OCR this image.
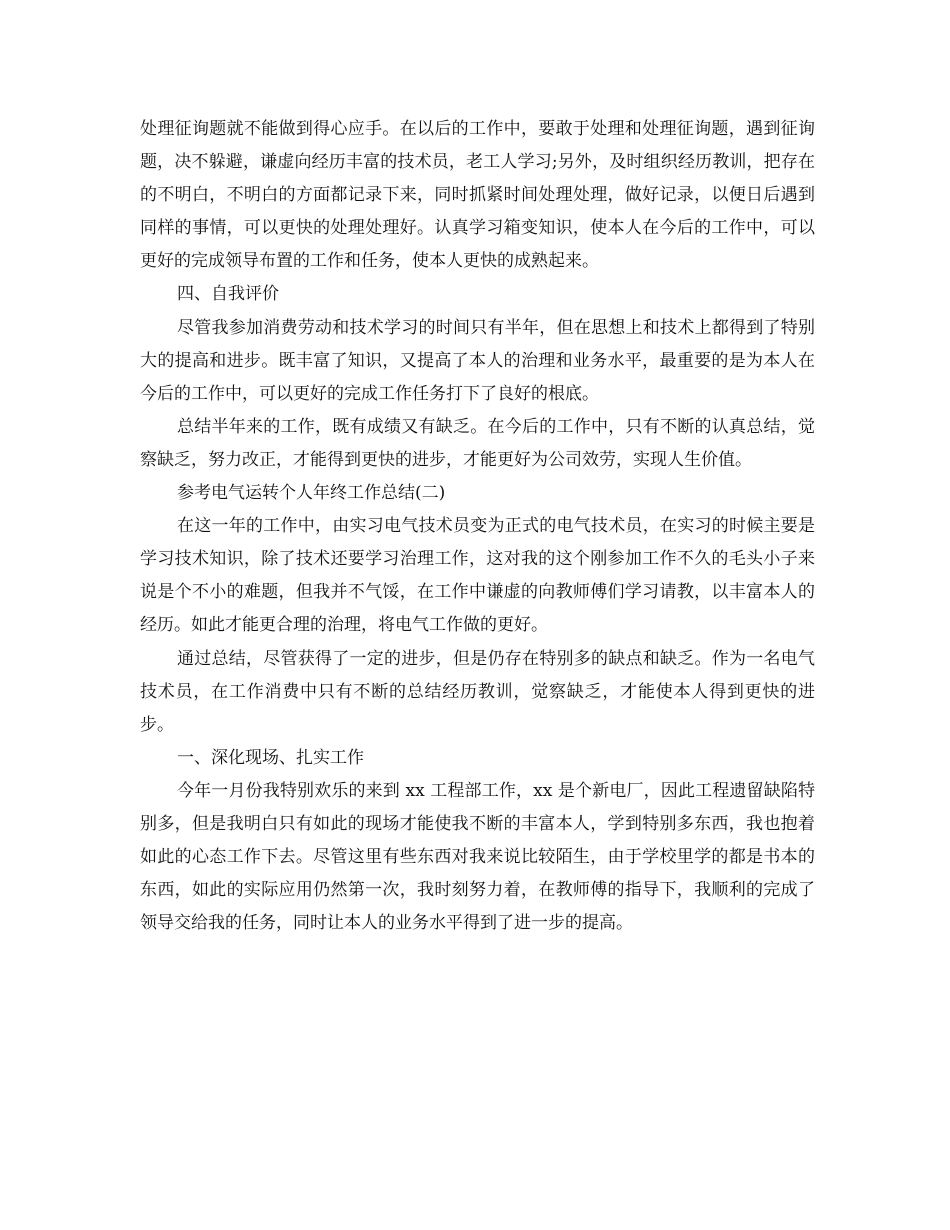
处理征询题就不能做到得心应手。在以后的工作中，要敢于处理和处理征询题，遇到征询题，决不躲避，谦虚向经历丰富的技术员，老工人学习;另外，及时组织经历教训，把存在的不明白，不明白的方面都记录下来，同时抓紧时间处理处理，做好记录，以便日后遇到同样的事情，可以更快的处理处理好。认真学习箱变知识，使本人在今后的工作中，可以更好的完成领导布置的工作和任务，使本人更快的成熟起来。

四、自我评价

尽管我参加消费劳动和技术学习的时间只有半年，但在思想上和技术上都得到了特别大的提高和进步。既丰富了知识，又提高了本人的治理和业务水平，最重要的是为本人在今后的工作中，可以更好的完成工作任务打下了良好的根底。

总结半年来的工作，既有成绩又有缺乏。在今后的工作中，只有不断的认真总结，觉察缺乏，努力改正，才能得到更快的进步，才能更好为公司效劳，实现人生价值。

参考电气运转个人年终工作总结(二)

在这一年的工作中，由实习电气技术员变为正式的电气技术员，在实习的时候主要是学习技术知识，除了技术还要学习治理工作，这对我的这个刚参加工作不久的毛头小子来说是个不小的难题，但我并不气馁，在工作中谦虚的向教师傅们学习请教，以丰富本人的经历。如此才能更合理的治理，将电气工作做的更好。

通过总结，尽管获得了一定的进步，但是仍存在特别多的缺点和缺乏。作为一名电气技术员，在工作消费中只有不断的总结经历教训，觉察缺乏，才能使本人得到更快的进步。

一、深化现场、扎实工作

今年一月份我特别欢乐的来到 xx 工程部工作，xx 是个新电厂，因此工程遗留缺陷特别多，但是我明白只有如此的现场才能使我不断的丰富本人，学到特别多东西，我也抱着如此的心态工作下去。尽管这里有些东西对我来说比较陌生，由于学校里学的都是书本的东西，如此的实际应用仍然第一次，我时刻努力着，在教师傅的指导下，我顺利的完成了领导交给我的任务，同时让本人的业务水平得到了进一步的提高。
